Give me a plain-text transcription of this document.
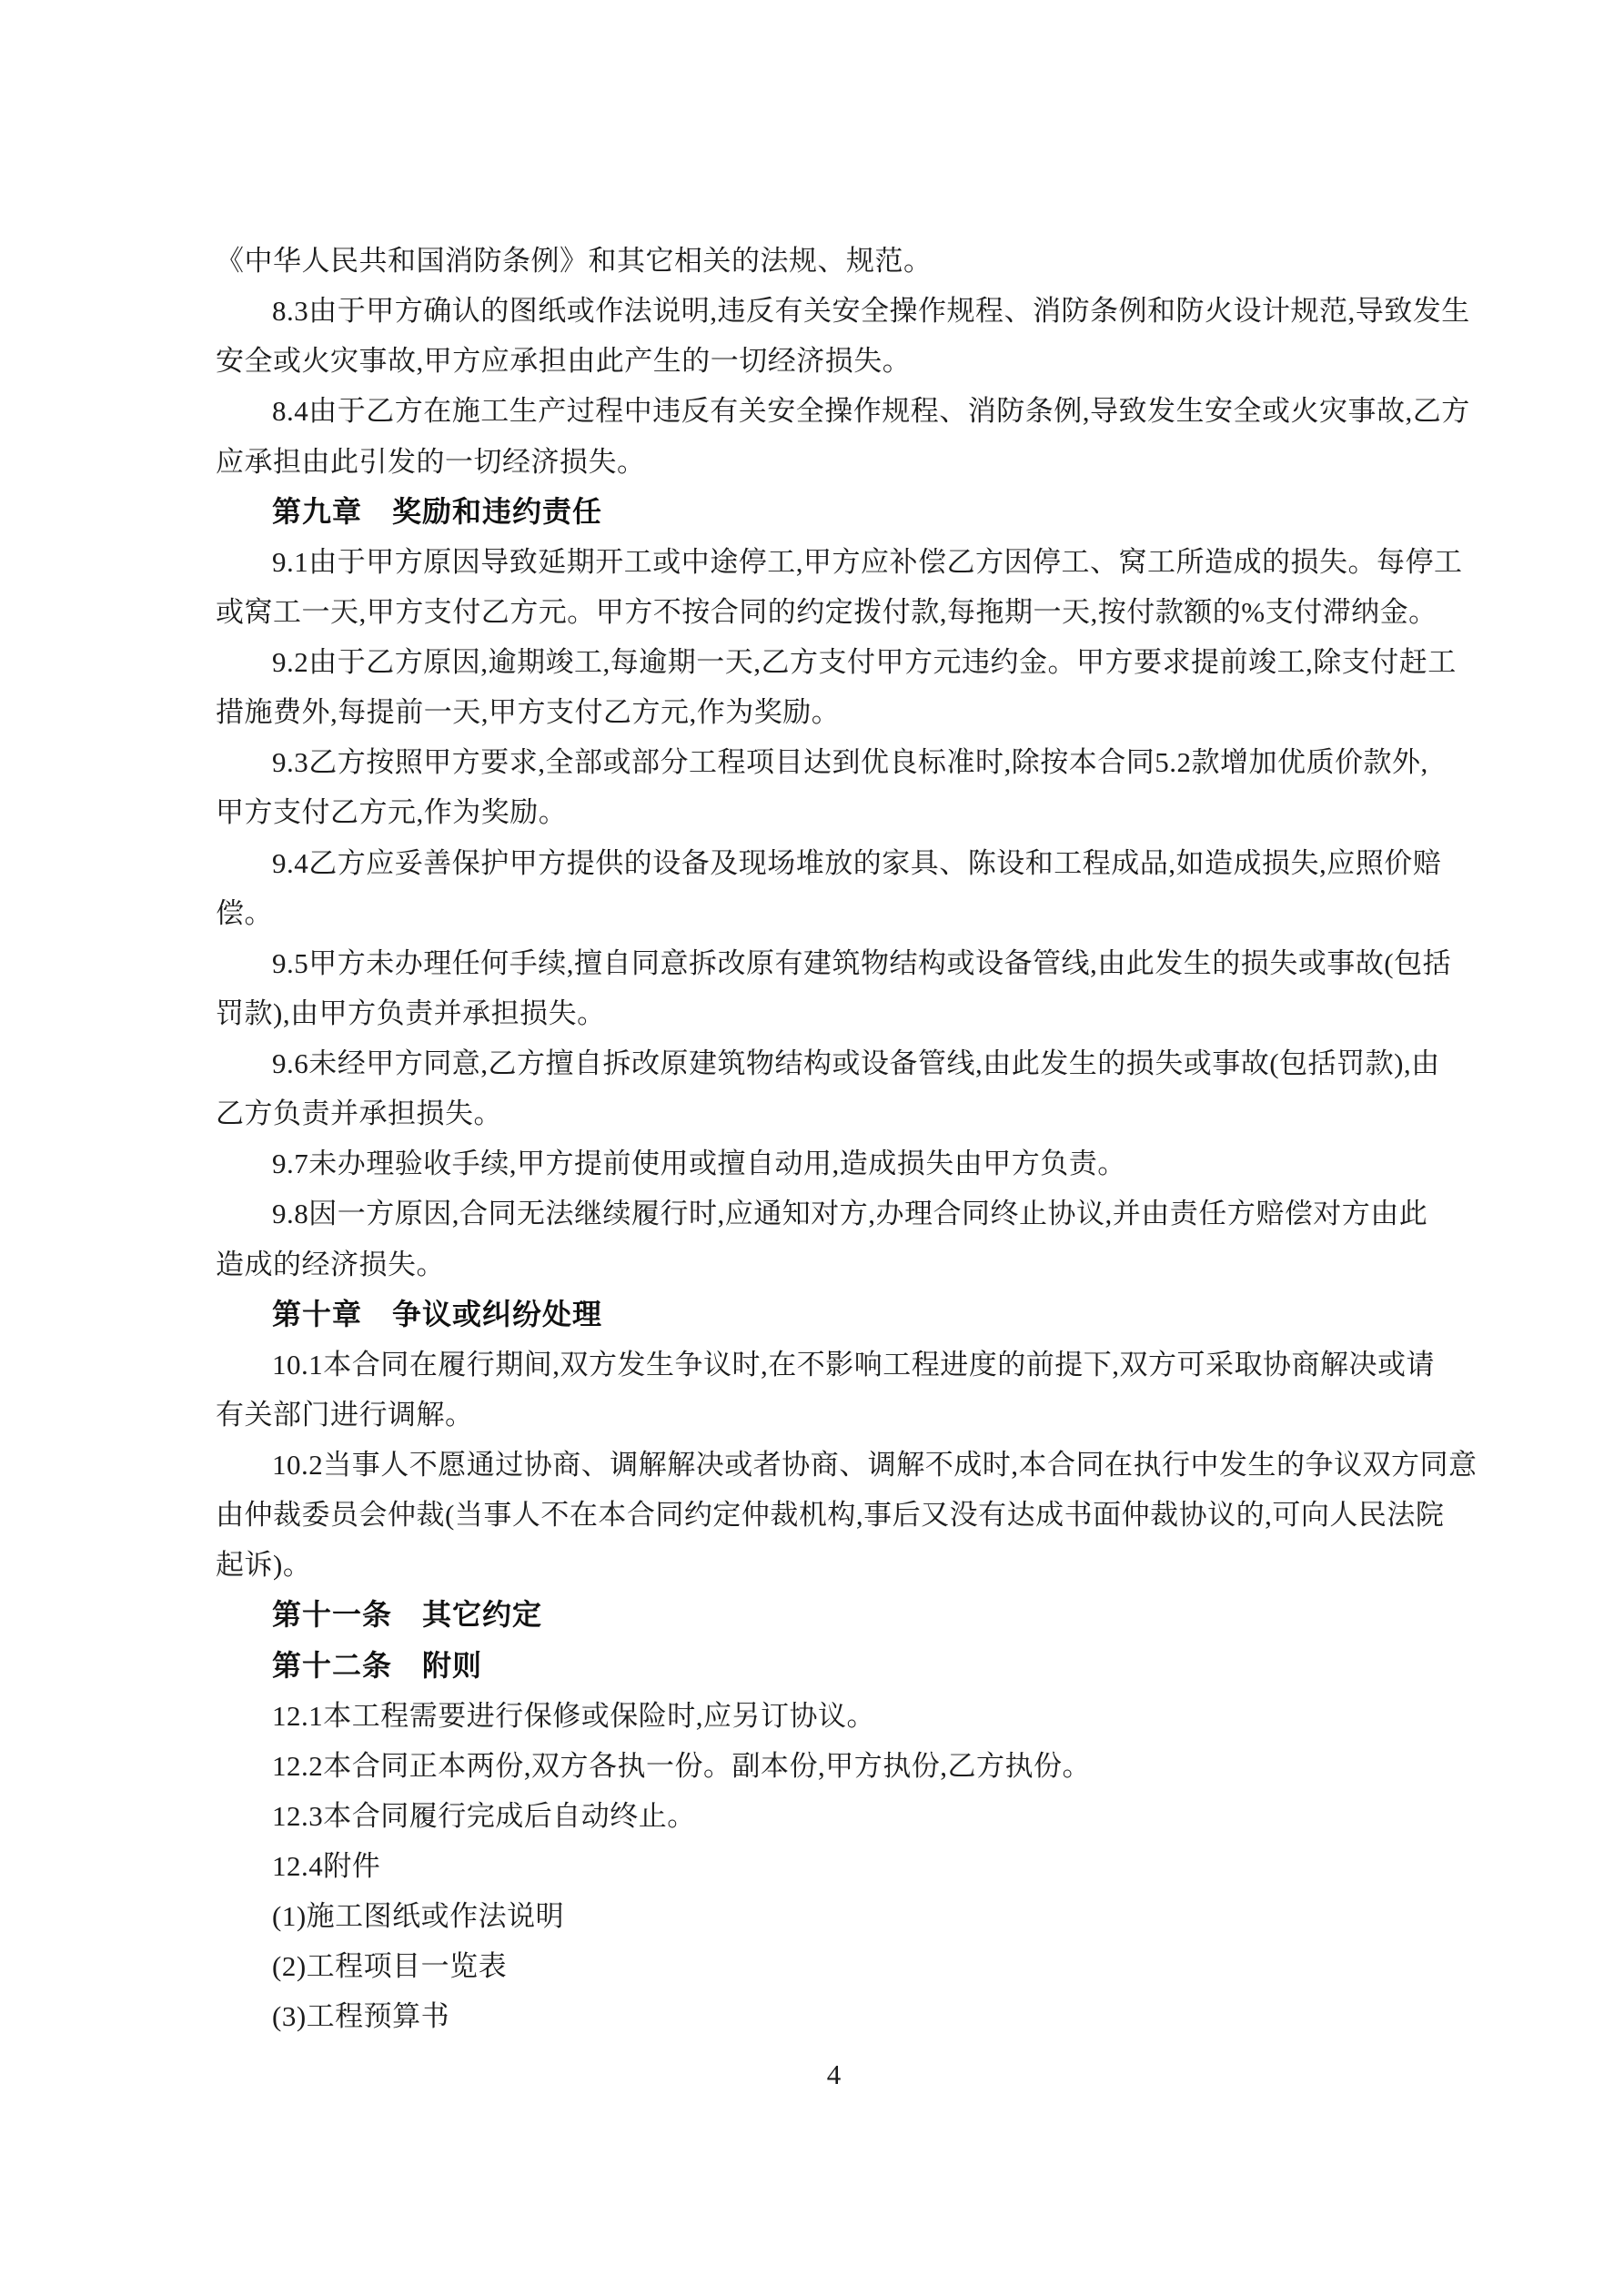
《中华人民共和国消防条例》和其它相关的法规、规范。
8.3由于甲方确认的图纸或作法说明,违反有关安全操作规程、消防条例和防火设计规范,导致发生
安全或火灾事故,甲方应承担由此产生的一切经济损失。
8.4由于乙方在施工生产过程中违反有关安全操作规程、消防条例,导致发生安全或火灾事故,乙方
应承担由此引发的一切经济损失。
第九章　奖励和违约责任
9.1由于甲方原因导致延期开工或中途停工,甲方应补偿乙方因停工、窝工所造成的损失。每停工
或窝工一天,甲方支付乙方元。甲方不按合同的约定拨付款,每拖期一天,按付款额的%支付滞纳金。
9.2由于乙方原因,逾期竣工,每逾期一天,乙方支付甲方元违约金。甲方要求提前竣工,除支付赶工
措施费外,每提前一天,甲方支付乙方元,作为奖励。
9.3乙方按照甲方要求,全部或部分工程项目达到优良标准时,除按本合同5.2款增加优质价款外,
甲方支付乙方元,作为奖励。
9.4乙方应妥善保护甲方提供的设备及现场堆放的家具、陈设和工程成品,如造成损失,应照价赔
偿。
9.5甲方未办理任何手续,擅自同意拆改原有建筑物结构或设备管线,由此发生的损失或事故(包括
罚款),由甲方负责并承担损失。
9.6未经甲方同意,乙方擅自拆改原建筑物结构或设备管线,由此发生的损失或事故(包括罚款),由
乙方负责并承担损失。
9.7未办理验收手续,甲方提前使用或擅自动用,造成损失由甲方负责。
9.8因一方原因,合同无法继续履行时,应通知对方,办理合同终止协议,并由责任方赔偿对方由此
造成的经济损失。
第十章　争议或纠纷处理
10.1本合同在履行期间,双方发生争议时,在不影响工程进度的前提下,双方可采取协商解决或请
有关部门进行调解。
10.2当事人不愿通过协商、调解解决或者协商、调解不成时,本合同在执行中发生的争议双方同意
由仲裁委员会仲裁(当事人不在本合同约定仲裁机构,事后又没有达成书面仲裁协议的,可向人民法院
起诉)。
第十一条　其它约定
第十二条　附则
12.1本工程需要进行保修或保险时,应另订协议。
12.2本合同正本两份,双方各执一份。副本份,甲方执份,乙方执份。
12.3本合同履行完成后自动终止。
12.4附件
(1)施工图纸或作法说明
(2)工程项目一览表
(3)工程预算书
4
